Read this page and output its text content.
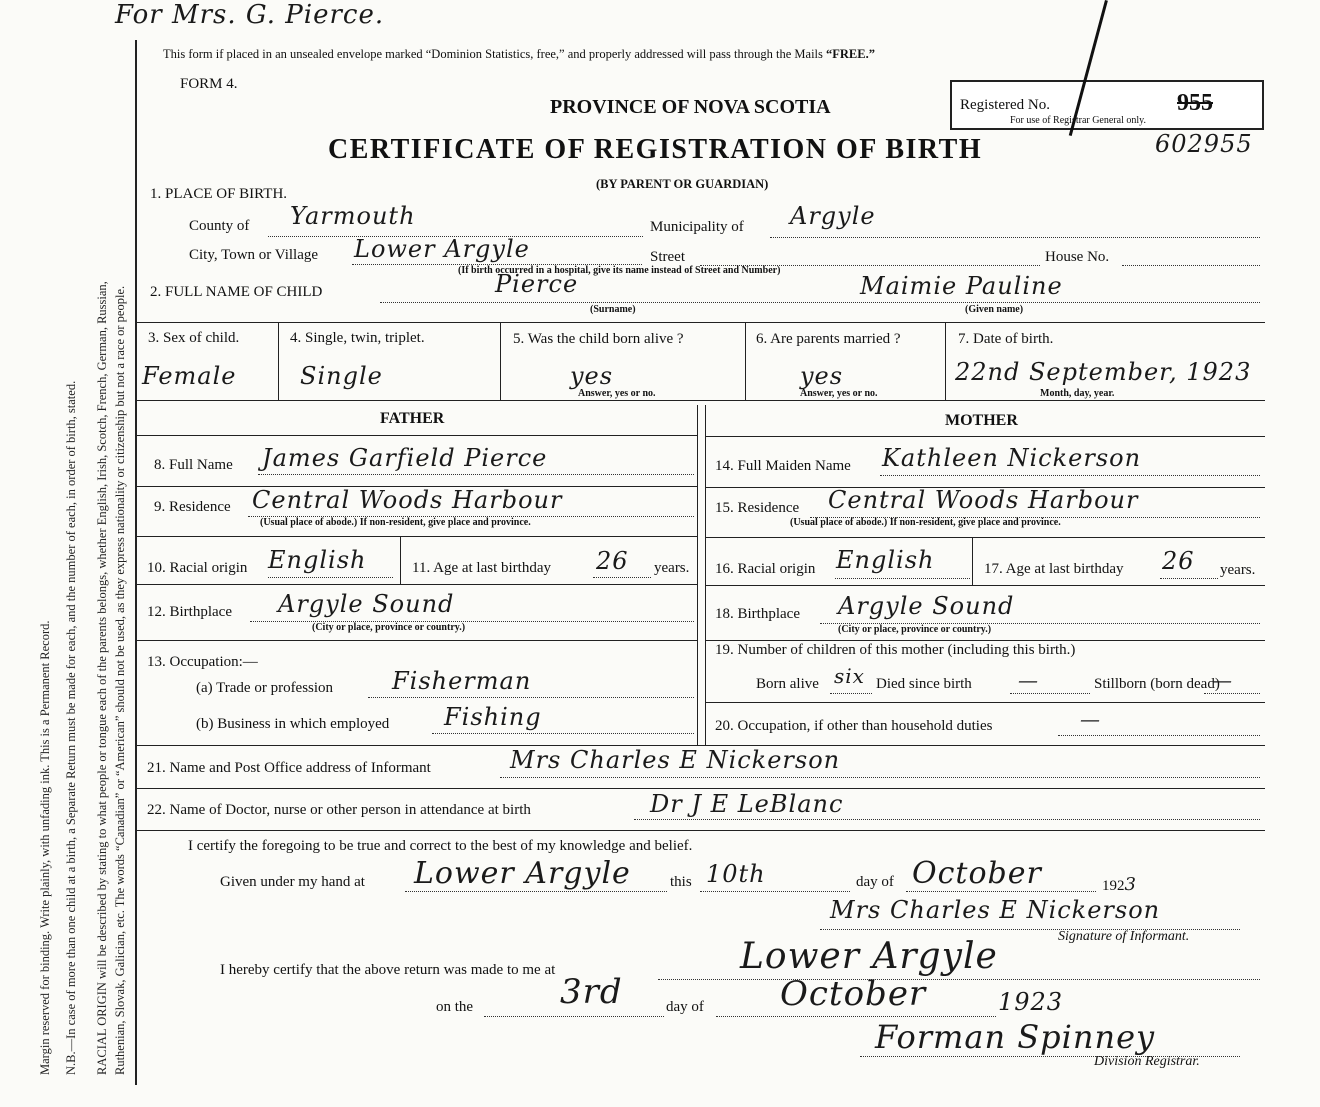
Margin reserved for binding. Write plainly, with unfading ink. This is a Permanent Record. N.B.—In case of more than one child at a birth, a Separate Return must be made for each, and the number of each, in order of birth, stated. RACIAL ORIGIN will be described by stating to what people or tongue each of the parents belongs, whether English, Irish, Scotch, French, German, Russian, Ruthenian, Slovak, Galician, etc. The words “Canadian” or “American” should not be used, as they express nationality or citizenship but not a race or people.
For Mrs. G. Pierce.
This form if placed in an unsealed envelope marked “Dominion Statistics, free,” and properly addressed will pass through the Mails “FREE.”
FORM 4.
PROVINCE OF NOVA SCOTIA
CERTIFICATE OF REGISTRATION OF BIRTH
(BY PARENT OR GUARDIAN)
Registered No.	955
For use of Registrar General only.
602955
1. PLACE OF BIRTH.
County of Yarmouth	Municipality of Argyle
City, Town or Village Lower Argyle	Street	House No.
(If birth occurred in a hospital, give its name instead of Street and Number)
2. FULL NAME OF CHILD	Pierce
(Surname)
Maimie Pauline
(Given name)
3. Sex of child.
Female
4. Single, twin, triplet.
Single
5. Was the child born alive ?
yes
Answer, yes or no.
6. Are parents married ?
yes
Answer, yes or no.
7. Date of birth.
22nd September, 1923
Month, day, year.
FATHER	MOTHER
8. Full Name James Garfield Pierce
9. Residence Central Woods Harbour
(Usual place of abode.) If non-resident, give place and province.
10. Racial origin English	11. Age at last birthday 26 years.
12. Birthplace Argyle Sound
(City or place, province or country.)
13. Occupation:—
(a) Trade or profession Fisherman
(b) Business in which employed Fishing
14. Full Maiden Name Kathleen Nickerson
15. Residence Central Woods Harbour
(Usual place of abode.) If non-resident, give place and province.
16. Racial origin English	17. Age at last birthday 26 years.
18. Birthplace Argyle Sound
(City or place, province or country.)
19. Number of children of this mother (including this birth.)
Born alive six Died since birth —	Stillborn (born dead)
—
20. Occupation, if other than household duties	—
21. Name and Post Office address of Informant	Mrs Charles E Nickerson
22. Name of Doctor, nurse or other person in attendance at birth	Dr J E LeBlanc
I certify the foregoing to be true and correct to the best of my knowledge and belief.
Given under my hand at Lower Argyle	this 10th	day of October	1923
Mrs Charles E Nickerson
Signature of Informant.
I hereby certify that the above return was made to me at	Lower Argyle
on the	3rd	day of October	1923
Forman Spinney
Division Registrar.
